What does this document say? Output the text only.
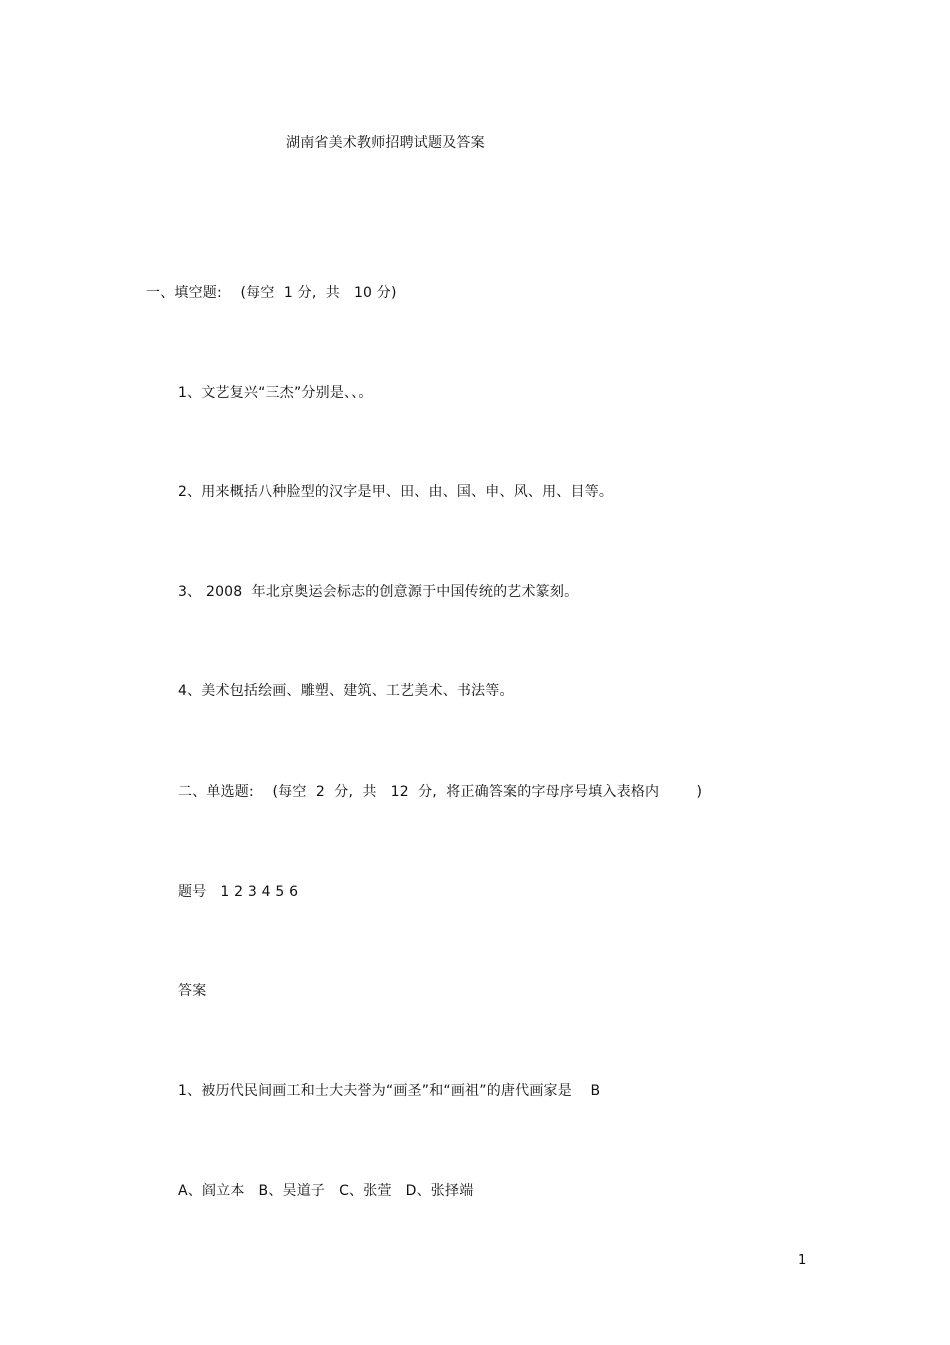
湖南省美术教师招聘试题及答案
一、填空题:    (每空  1 分,  共   10 分)
1、文艺复兴“三杰”分别是、、。
2、用来概括八种脸型的汉字是甲、田、由、国、申、风、用、目等。
3、 2008  年北京奥运会标志的创意源于中国传统的艺术篆刻。
4、美术包括绘画、雕塑、建筑、工艺美术、书法等。
二、单选题:    (每空  2  分,  共   12  分,  将正确答案的字母序号填入表格内        )
题号   1 2 3 4 5 6
答案
1、被历代民间画工和士大夫誉为“画圣”和“画祖”的唐代画家是    B
A、阎立本   B、吴道子   C、张萱   D、张择端
1
